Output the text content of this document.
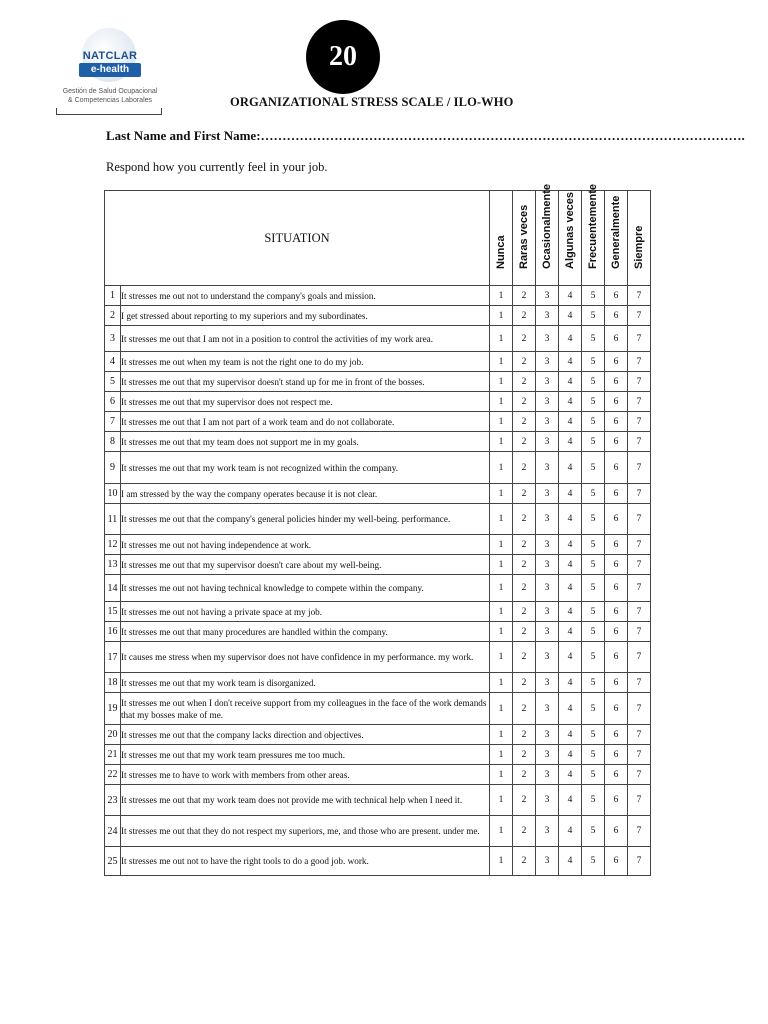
NATCLAR
e-health
Gestión de Salud Ocupacional
& Competencias Laborales
20
ORGANIZATIONAL STRESS SCALE / ILO-WHO
Last Name and First Name:………………………………………………………………………………………………….
Respond how you currently feel in your job.
SITUATION		Nunca	Raras veces	Ocasionalmente	Algunas veces	Frecuentemente	Generalmente	Siempre

1	It stresses me out not to understand the company's goals and mission.	1	2	3	4	5	6	7
2	I get stressed about reporting to my superiors and my subordinates.	1	2	3	4	5	6	7
3	It stresses me out that I am not in a position to control the activities of my work area.	1	2	3	4	5	6	7
4	It stresses me out when my team is not the right one to do my job.	1	2	3	4	5	6	7
5	It stresses me out that my supervisor doesn't stand up for me in front of the bosses.	1	2	3	4	5	6	7
6	It stresses me out that my supervisor does not respect me.	1	2	3	4	5	6	7
7	It stresses me out that I am not part of a work team and do not collaborate.	1	2	3	4	5	6	7
8	It stresses me out that my team does not support me in my goals.	1	2	3	4	5	6	7
9	It stresses me out that my work team is not recognized within the company.	1	2	3	4	5	6	7
10	I am stressed by the way the company operates because it is not clear.	1	2	3	4	5	6	7
11	It stresses me out that the company's general policies hinder my well-being. performance.	1	2	3	4	5	6	7
12	It stresses me out not having independence at work.	1	2	3	4	5	6	7
13	It stresses me out that my supervisor doesn't care about my well-being.	1	2	3	4	5	6	7
14	It stresses me out not having technical knowledge to compete within the company.	1	2	3	4	5	6	7
15	It stresses me out not having a private space at my job.	1	2	3	4	5	6	7
16	It stresses me out that many procedures are handled within the company.	1	2	3	4	5	6	7
17	It causes me stress when my supervisor does not have confidence in my performance. my work.	1	2	3	4	5	6	7
18	It stresses me out that my work team is disorganized.	1	2	3	4	5	6	7
19	It stresses me out when I don't receive support from my colleagues in the face of the work demands that my bosses make of me.	1	2	3	4	5	6	7
20	It stresses me out that the company lacks direction and objectives.	1	2	3	4	5	6	7
21	It stresses me out that my work team pressures me too much.	1	2	3	4	5	6	7
22	It stresses me to have to work with members from other areas.	1	2	3	4	5	6	7
23	It stresses me out that my work team does not provide me with technical help when I need it.	1	2	3	4	5	6	7
24	It stresses me out that they do not respect my superiors, me, and those who are present. under me.	1	2	3	4	5	6	7
25	It stresses me out not to have the right tools to do a good job. work.	1	2	3	4	5	6	7
